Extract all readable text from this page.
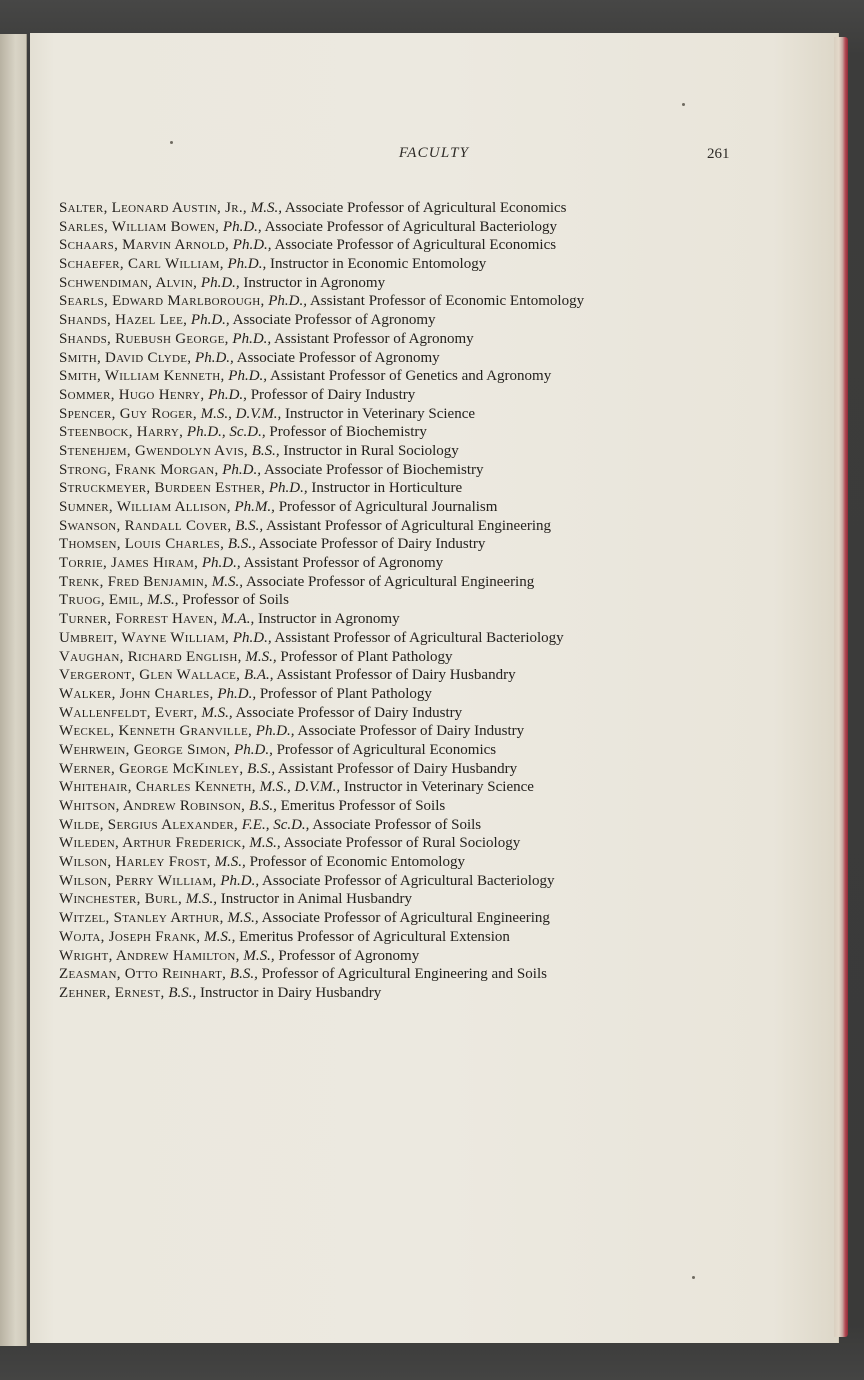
FACULTY	261
Salter, Leonard Austin, Jr., M.S., Associate Professor of Agricultural Economics
Sarles, William Bowen, Ph.D., Associate Professor of Agricultural Bacteriology
Schaars, Marvin Arnold, Ph.D., Associate Professor of Agricultural Economics
Schaefer, Carl William, Ph.D., Instructor in Economic Entomology
Schwendiman, Alvin, Ph.D., Instructor in Agronomy
Searls, Edward Marlborough, Ph.D., Assistant Professor of Economic Entomology
Shands, Hazel Lee, Ph.D., Associate Professor of Agronomy
Shands, Ruebush George, Ph.D., Assistant Professor of Agronomy
Smith, David Clyde, Ph.D., Associate Professor of Agronomy
Smith, William Kenneth, Ph.D., Assistant Professor of Genetics and Agronomy
Sommer, Hugo Henry, Ph.D., Professor of Dairy Industry
Spencer, Guy Roger, M.S., D.V.M., Instructor in Veterinary Science
Steenbock, Harry, Ph.D., Sc.D., Professor of Biochemistry
Stenehjem, Gwendolyn Avis, B.S., Instructor in Rural Sociology
Strong, Frank Morgan, Ph.D., Associate Professor of Biochemistry
Struckmeyer, Burdeen Esther, Ph.D., Instructor in Horticulture
Sumner, William Allison, Ph.M., Professor of Agricultural Journalism
Swanson, Randall Cover, B.S., Assistant Professor of Agricultural Engineering
Thomsen, Louis Charles, B.S., Associate Professor of Dairy Industry
Torrie, James Hiram, Ph.D., Assistant Professor of Agronomy
Trenk, Fred Benjamin, M.S., Associate Professor of Agricultural Engineering
Truog, Emil, M.S., Professor of Soils
Turner, Forrest Haven, M.A., Instructor in Agronomy
Umbreit, Wayne William, Ph.D., Assistant Professor of Agricultural Bacteriology
Vaughan, Richard English, M.S., Professor of Plant Pathology
Vergeront, Glen Wallace, B.A., Assistant Professor of Dairy Husbandry
Walker, John Charles, Ph.D., Professor of Plant Pathology
Wallenfeldt, Evert, M.S., Associate Professor of Dairy Industry
Weckel, Kenneth Granville, Ph.D., Associate Professor of Dairy Industry
Wehrwein, George Simon, Ph.D., Professor of Agricultural Economics
Werner, George McKinley, B.S., Assistant Professor of Dairy Husbandry
Whitehair, Charles Kenneth, M.S., D.V.M., Instructor in Veterinary Science
Whitson, Andrew Robinson, B.S., Emeritus Professor of Soils
Wilde, Sergius Alexander, F.E., Sc.D., Associate Professor of Soils
Wileden, Arthur Frederick, M.S., Associate Professor of Rural Sociology
Wilson, Harley Frost, M.S., Professor of Economic Entomology
Wilson, Perry William, Ph.D., Associate Professor of Agricultural Bacteriology
Winchester, Burl, M.S., Instructor in Animal Husbandry
Witzel, Stanley Arthur, M.S., Associate Professor of Agricultural Engineering
Wojta, Joseph Frank, M.S., Emeritus Professor of Agricultural Extension
Wright, Andrew Hamilton, M.S., Professor of Agronomy
Zeasman, Otto Reinhart, B.S., Professor of Agricultural Engineering and Soils
Zehner, Ernest, B.S., Instructor in Dairy Husbandry
